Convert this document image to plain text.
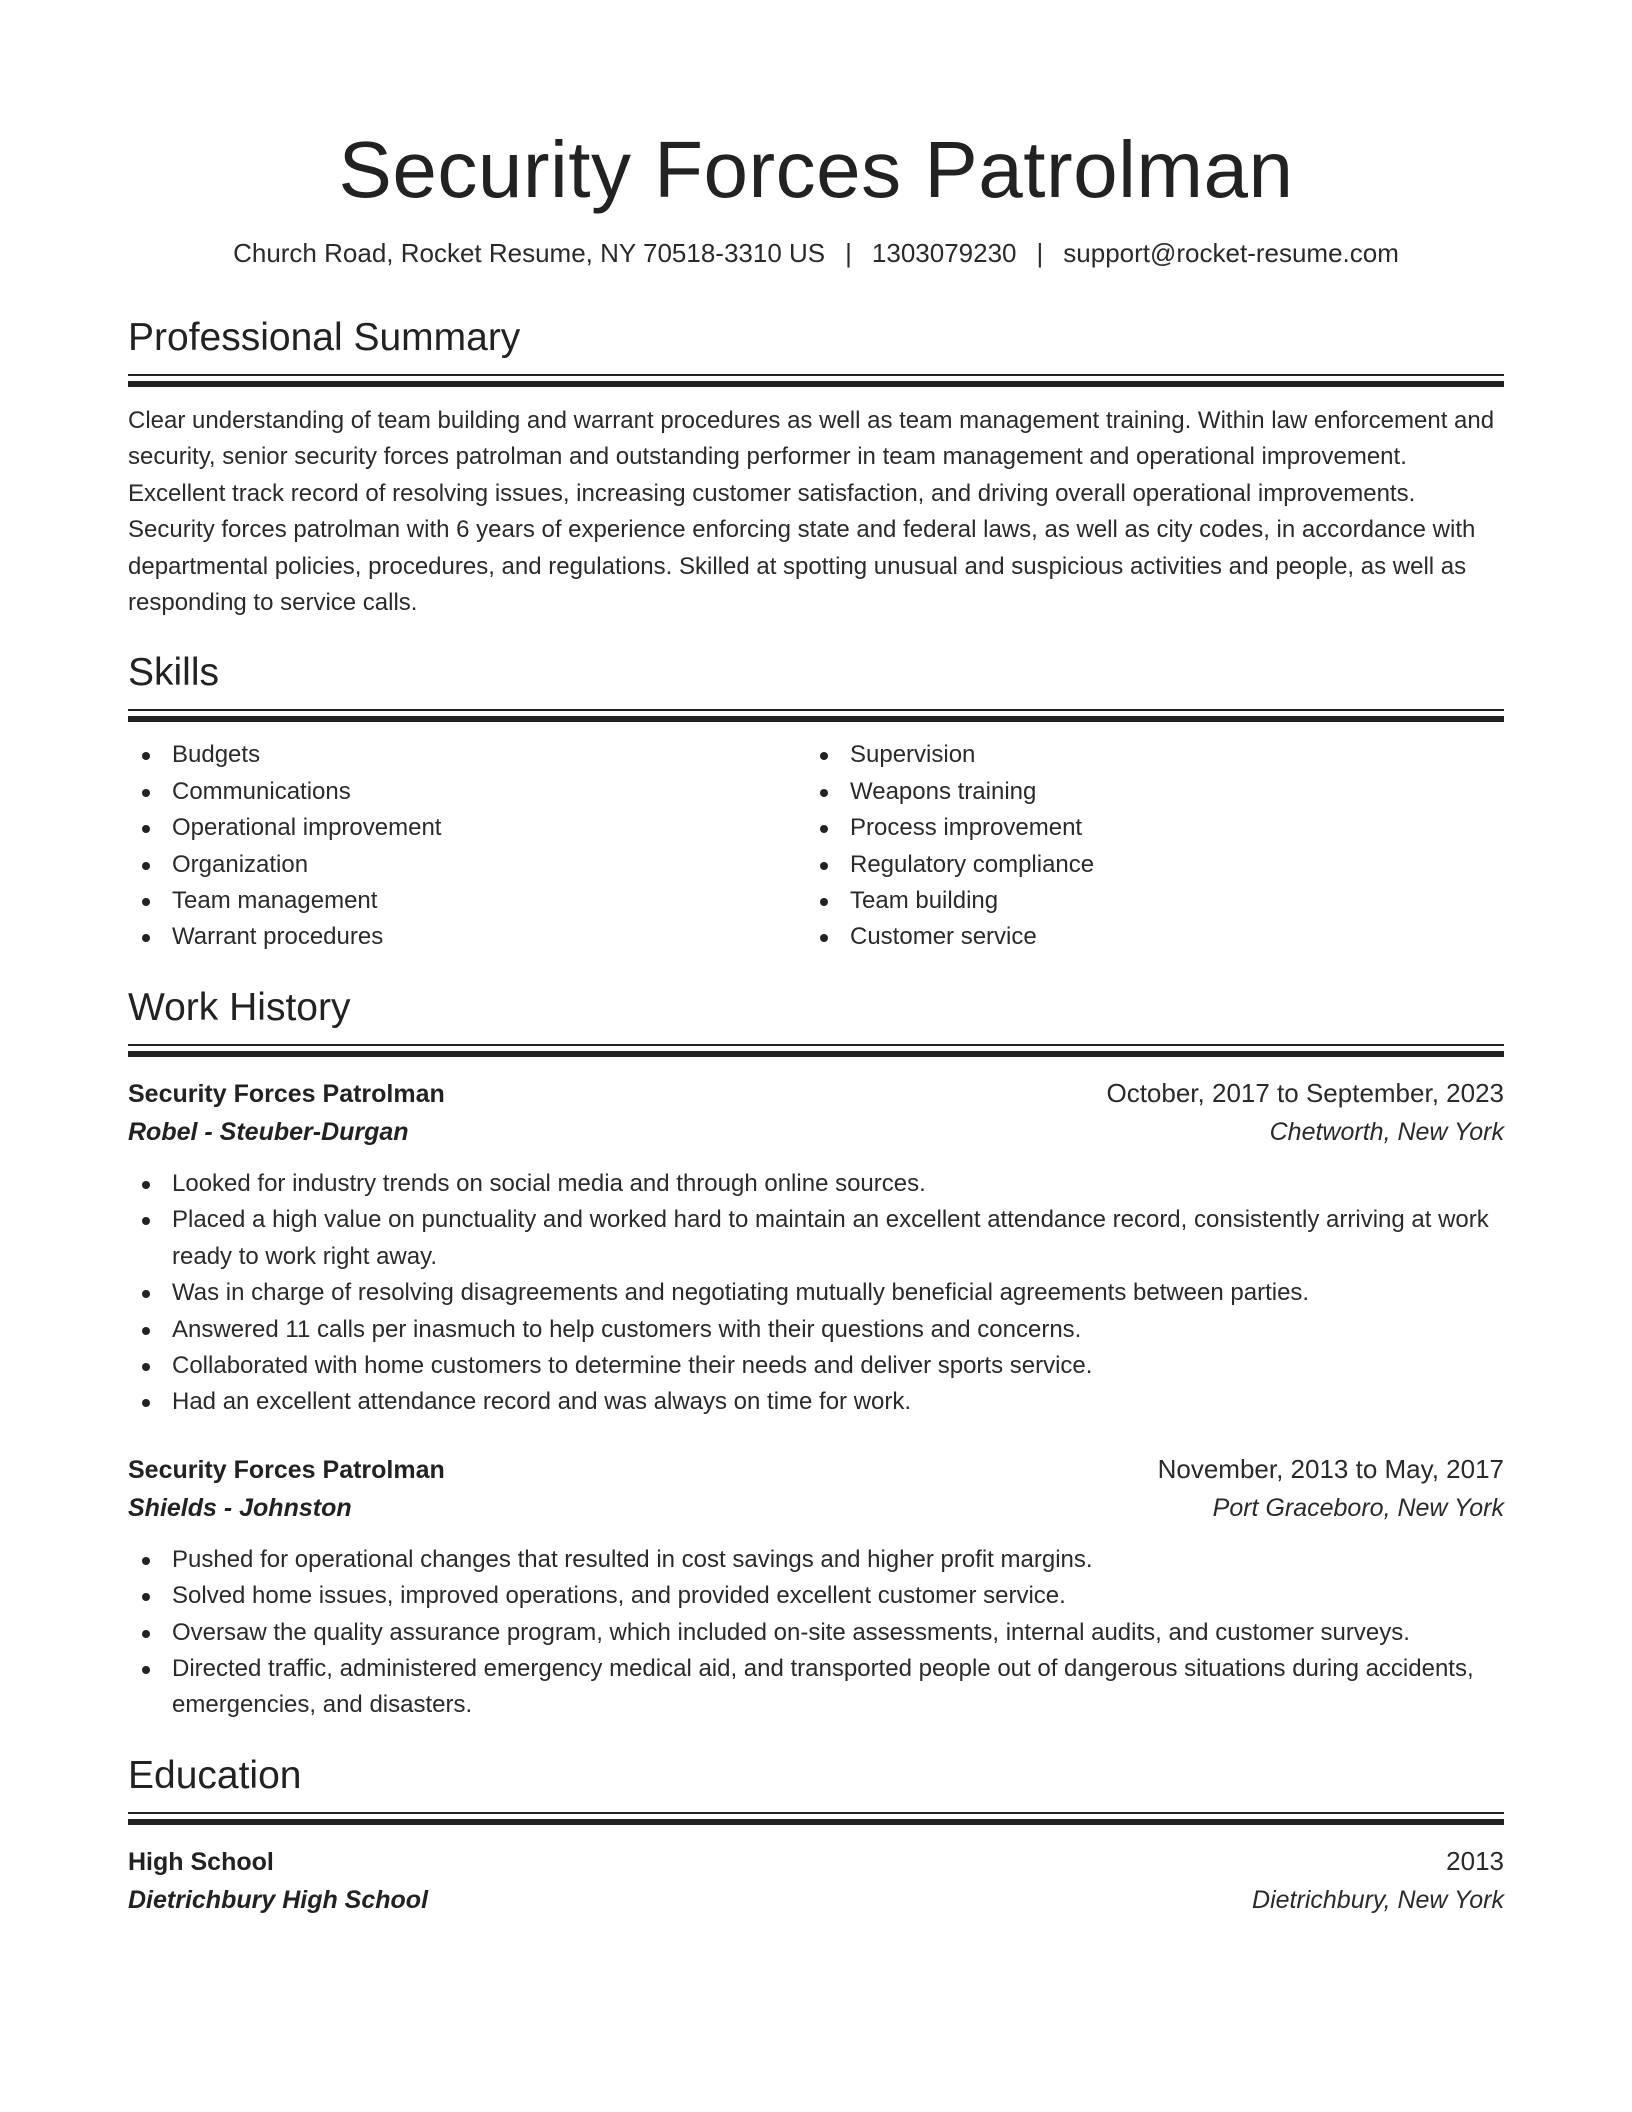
Security Forces Patrolman
Church Road, Rocket Resume, NY 70518-3310 US | 1303079230 | support@rocket-resume.com
Professional Summary
Clear understanding of team building and warrant procedures as well as team management training. Within law enforcement and security, senior security forces patrolman and outstanding performer in team management and operational improvement. Excellent track record of resolving issues, increasing customer satisfaction, and driving overall operational improvements. Security forces patrolman with 6 years of experience enforcing state and federal laws, as well as city codes, in accordance with departmental policies, procedures, and regulations. Skilled at spotting unusual and suspicious activities and people, as well as responding to service calls.
Skills
Budgets
Communications
Operational improvement
Organization
Team management
Warrant procedures
Supervision
Weapons training
Process improvement
Regulatory compliance
Team building
Customer service
Work History
Security Forces Patrolman	October, 2017 to September, 2023
Robel - Steuber-Durgan	Chetworth, New York
Looked for industry trends on social media and through online sources.
Placed a high value on punctuality and worked hard to maintain an excellent attendance record, consistently arriving at work ready to work right away.
Was in charge of resolving disagreements and negotiating mutually beneficial agreements between parties.
Answered 11 calls per inasmuch to help customers with their questions and concerns.
Collaborated with home customers to determine their needs and deliver sports service.
Had an excellent attendance record and was always on time for work.
Security Forces Patrolman	November, 2013 to May, 2017
Shields - Johnston	Port Graceboro, New York
Pushed for operational changes that resulted in cost savings and higher profit margins.
Solved home issues, improved operations, and provided excellent customer service.
Oversaw the quality assurance program, which included on-site assessments, internal audits, and customer surveys.
Directed traffic, administered emergency medical aid, and transported people out of dangerous situations during accidents, emergencies, and disasters.
Education
High School	2013
Dietrichbury High School	Dietrichbury, New York
